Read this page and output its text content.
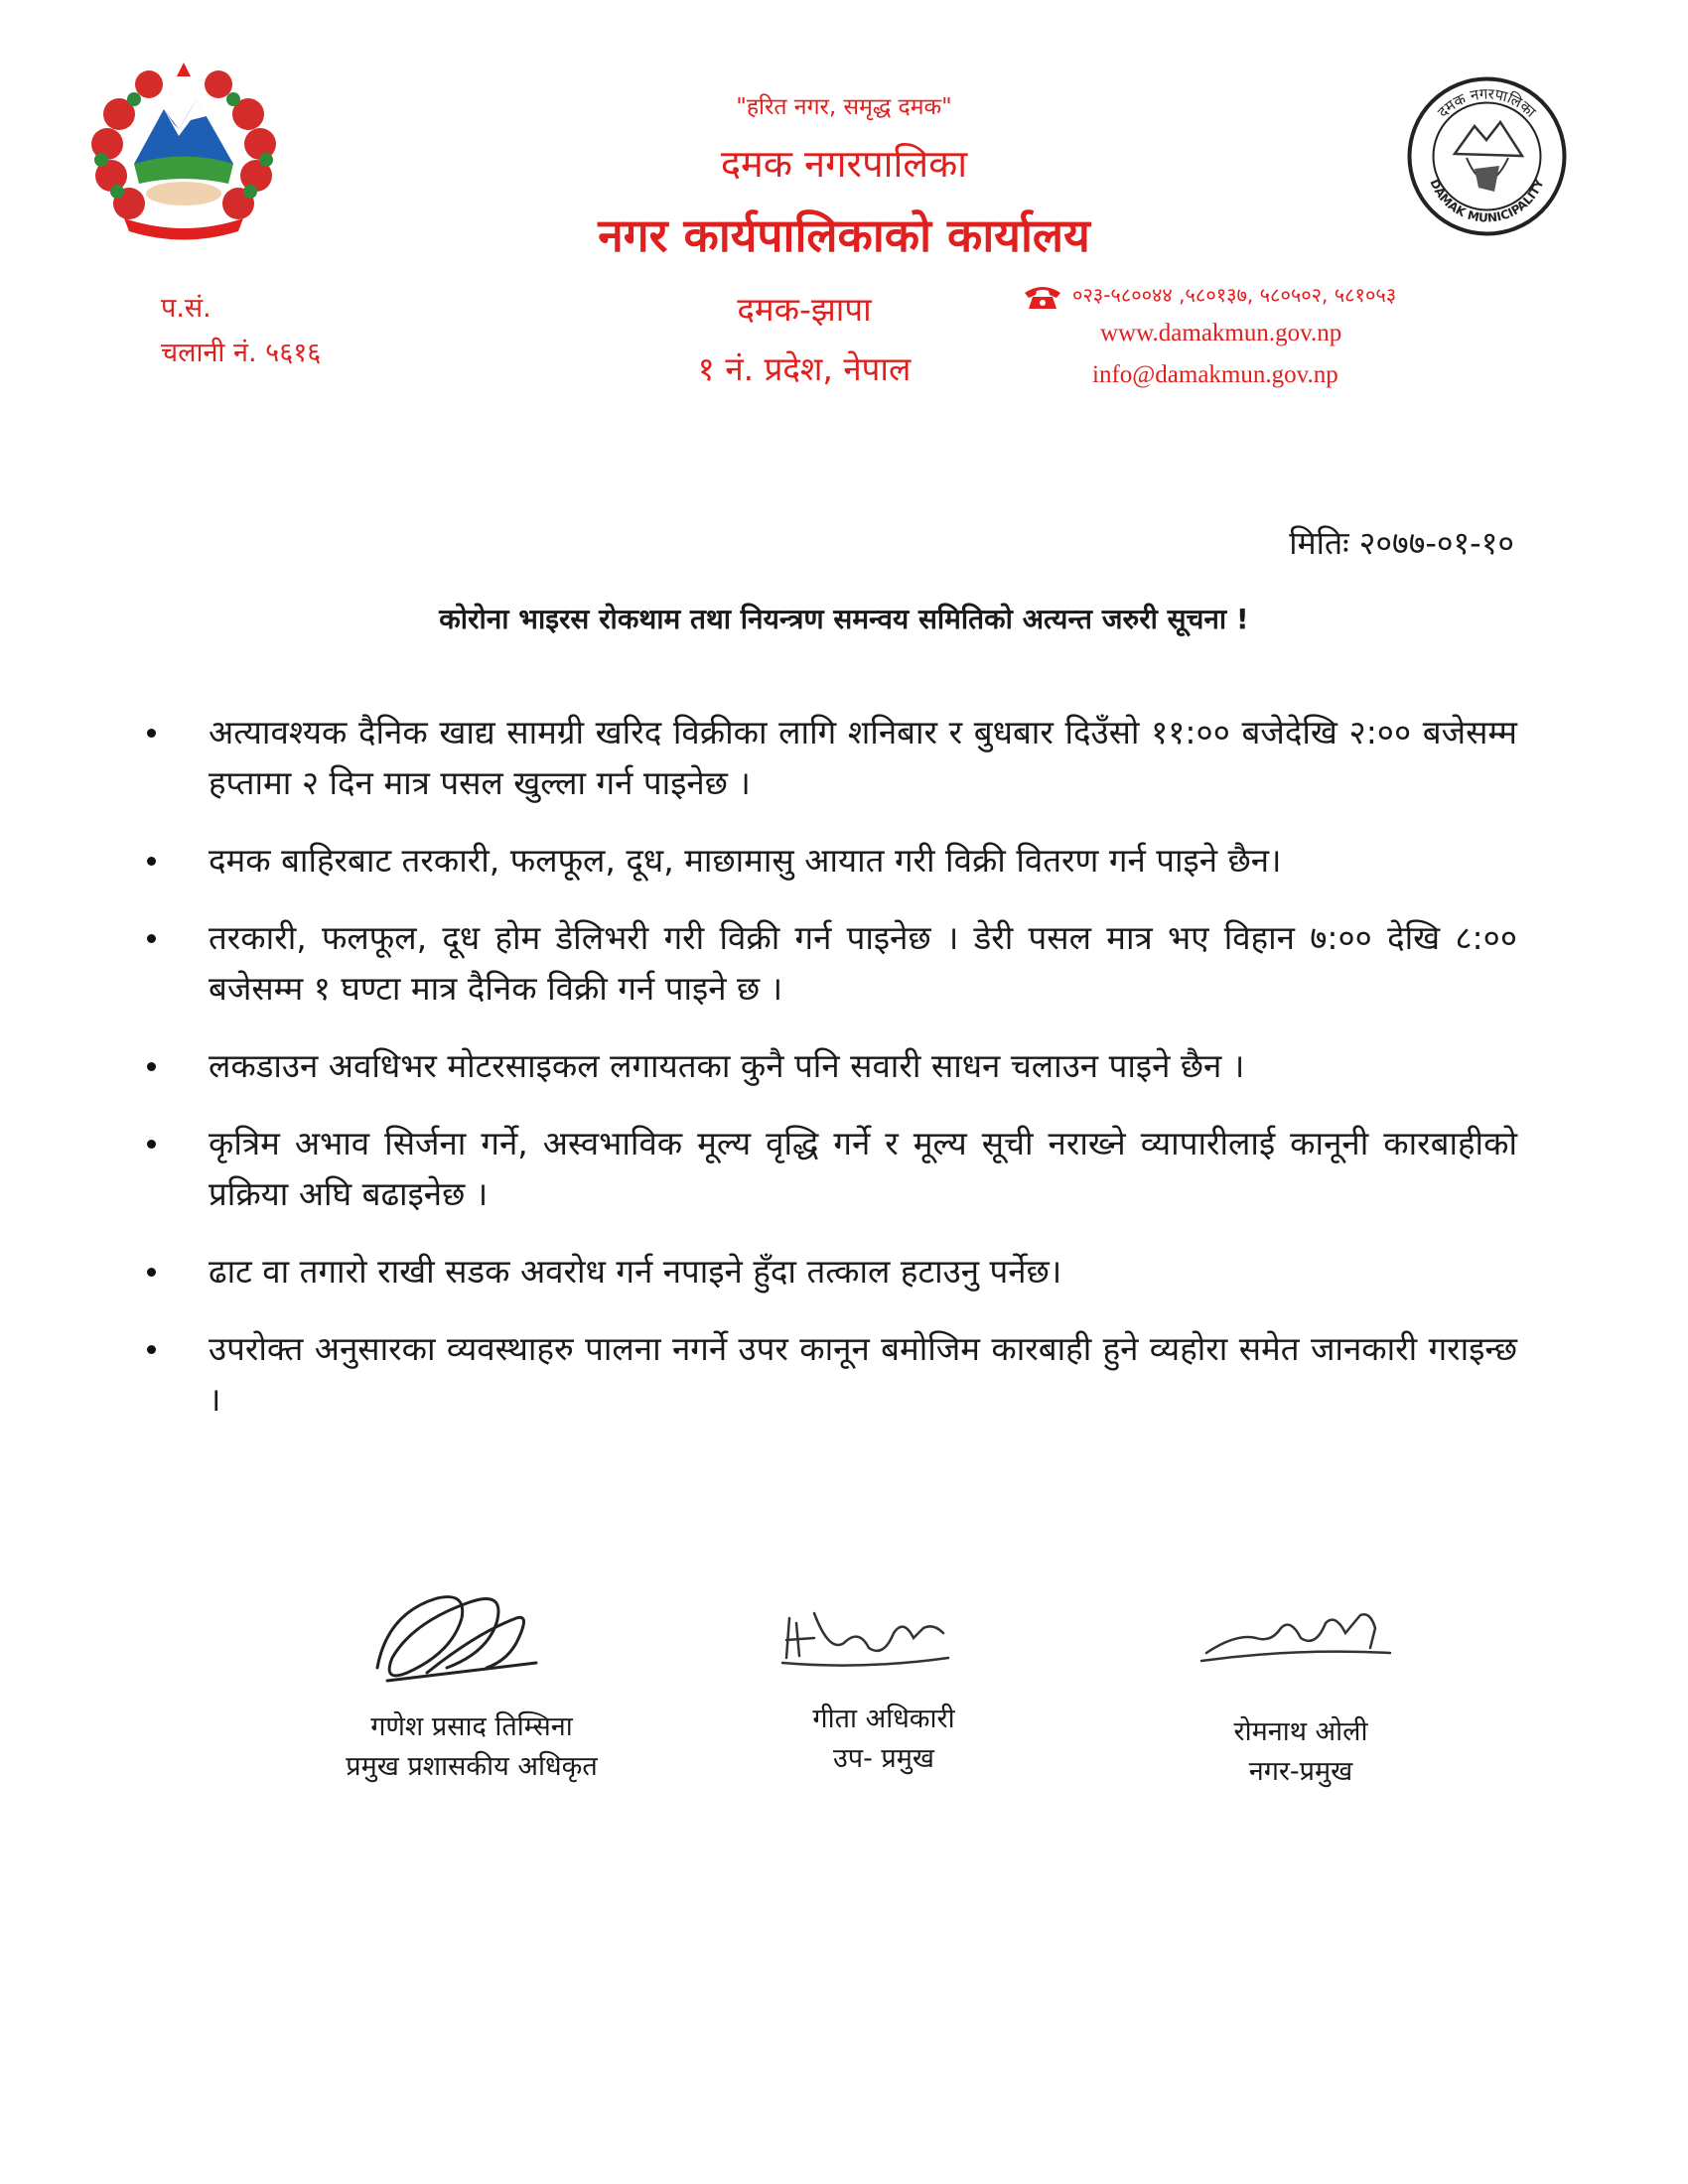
दमक नगरपालिका
DAMAK MUNICIPALITY
"हरित नगर, समृद्ध दमक"
दमक नगरपालिका
नगर कार्यपालिकाको कार्यालय
दमक-झापा
१ नं. प्रदेश, नेपाल
प.सं.
चलानी नं. ५६१६
०२३-५८००४४ ,५८०१३७, ५८०५०२, ५८१०५३
www.damakmun.gov.np
info@damakmun.gov.np
मितिः २०७७-०१-१०
कोरोना भाइरस रोकथाम तथा नियन्त्रण समन्वय समितिको अत्यन्त जरुरी सूचना !
अत्यावश्यक दैनिक खाद्य सामग्री खरिद विक्रीका लागि शनिबार र बुधबार दिउँसो ११:०० बजेदेखि २:०० बजेसम्म हप्तामा २ दिन मात्र पसल खुल्ला गर्न पाइनेछ ।
दमक बाहिरबाट तरकारी, फलफूल, दूध, माछामासु आयात गरी विक्री वितरण गर्न पाइने छैन।
तरकारी, फलफूल, दूध होम डेलिभरी गरी विक्री गर्न पाइनेछ । डेरी पसल मात्र भए विहान ७:०० देखि ८:०० बजेसम्म १ घण्टा मात्र दैनिक विक्री गर्न पाइने छ ।
लकडाउन अवधिभर मोटरसाइकल लगायतका कुनै पनि सवारी साधन चलाउन पाइने छैन ।
कृत्रिम अभाव सिर्जना गर्ने, अस्वभाविक मूल्य वृद्धि गर्ने र मूल्य सूची नराख्ने व्यापारीलाई कानूनी कारबाहीको प्रक्रिया अघि बढाइनेछ ।
ढाट वा तगारो राखी सडक अवरोध गर्न नपाइने हुँदा तत्काल हटाउनु पर्नेछ।
उपरोक्त अनुसारका व्यवस्थाहरु पालना नगर्ने उपर कानून बमोजिम कारबाही हुने व्यहोरा समेत जानकारी गराइन्छ ।
गणेश प्रसाद तिम्सिना
प्रमुख प्रशासकीय अधिकृत
गीता अधिकारी
उप- प्रमुख
रोमनाथ ओली
नगर-प्रमुख
